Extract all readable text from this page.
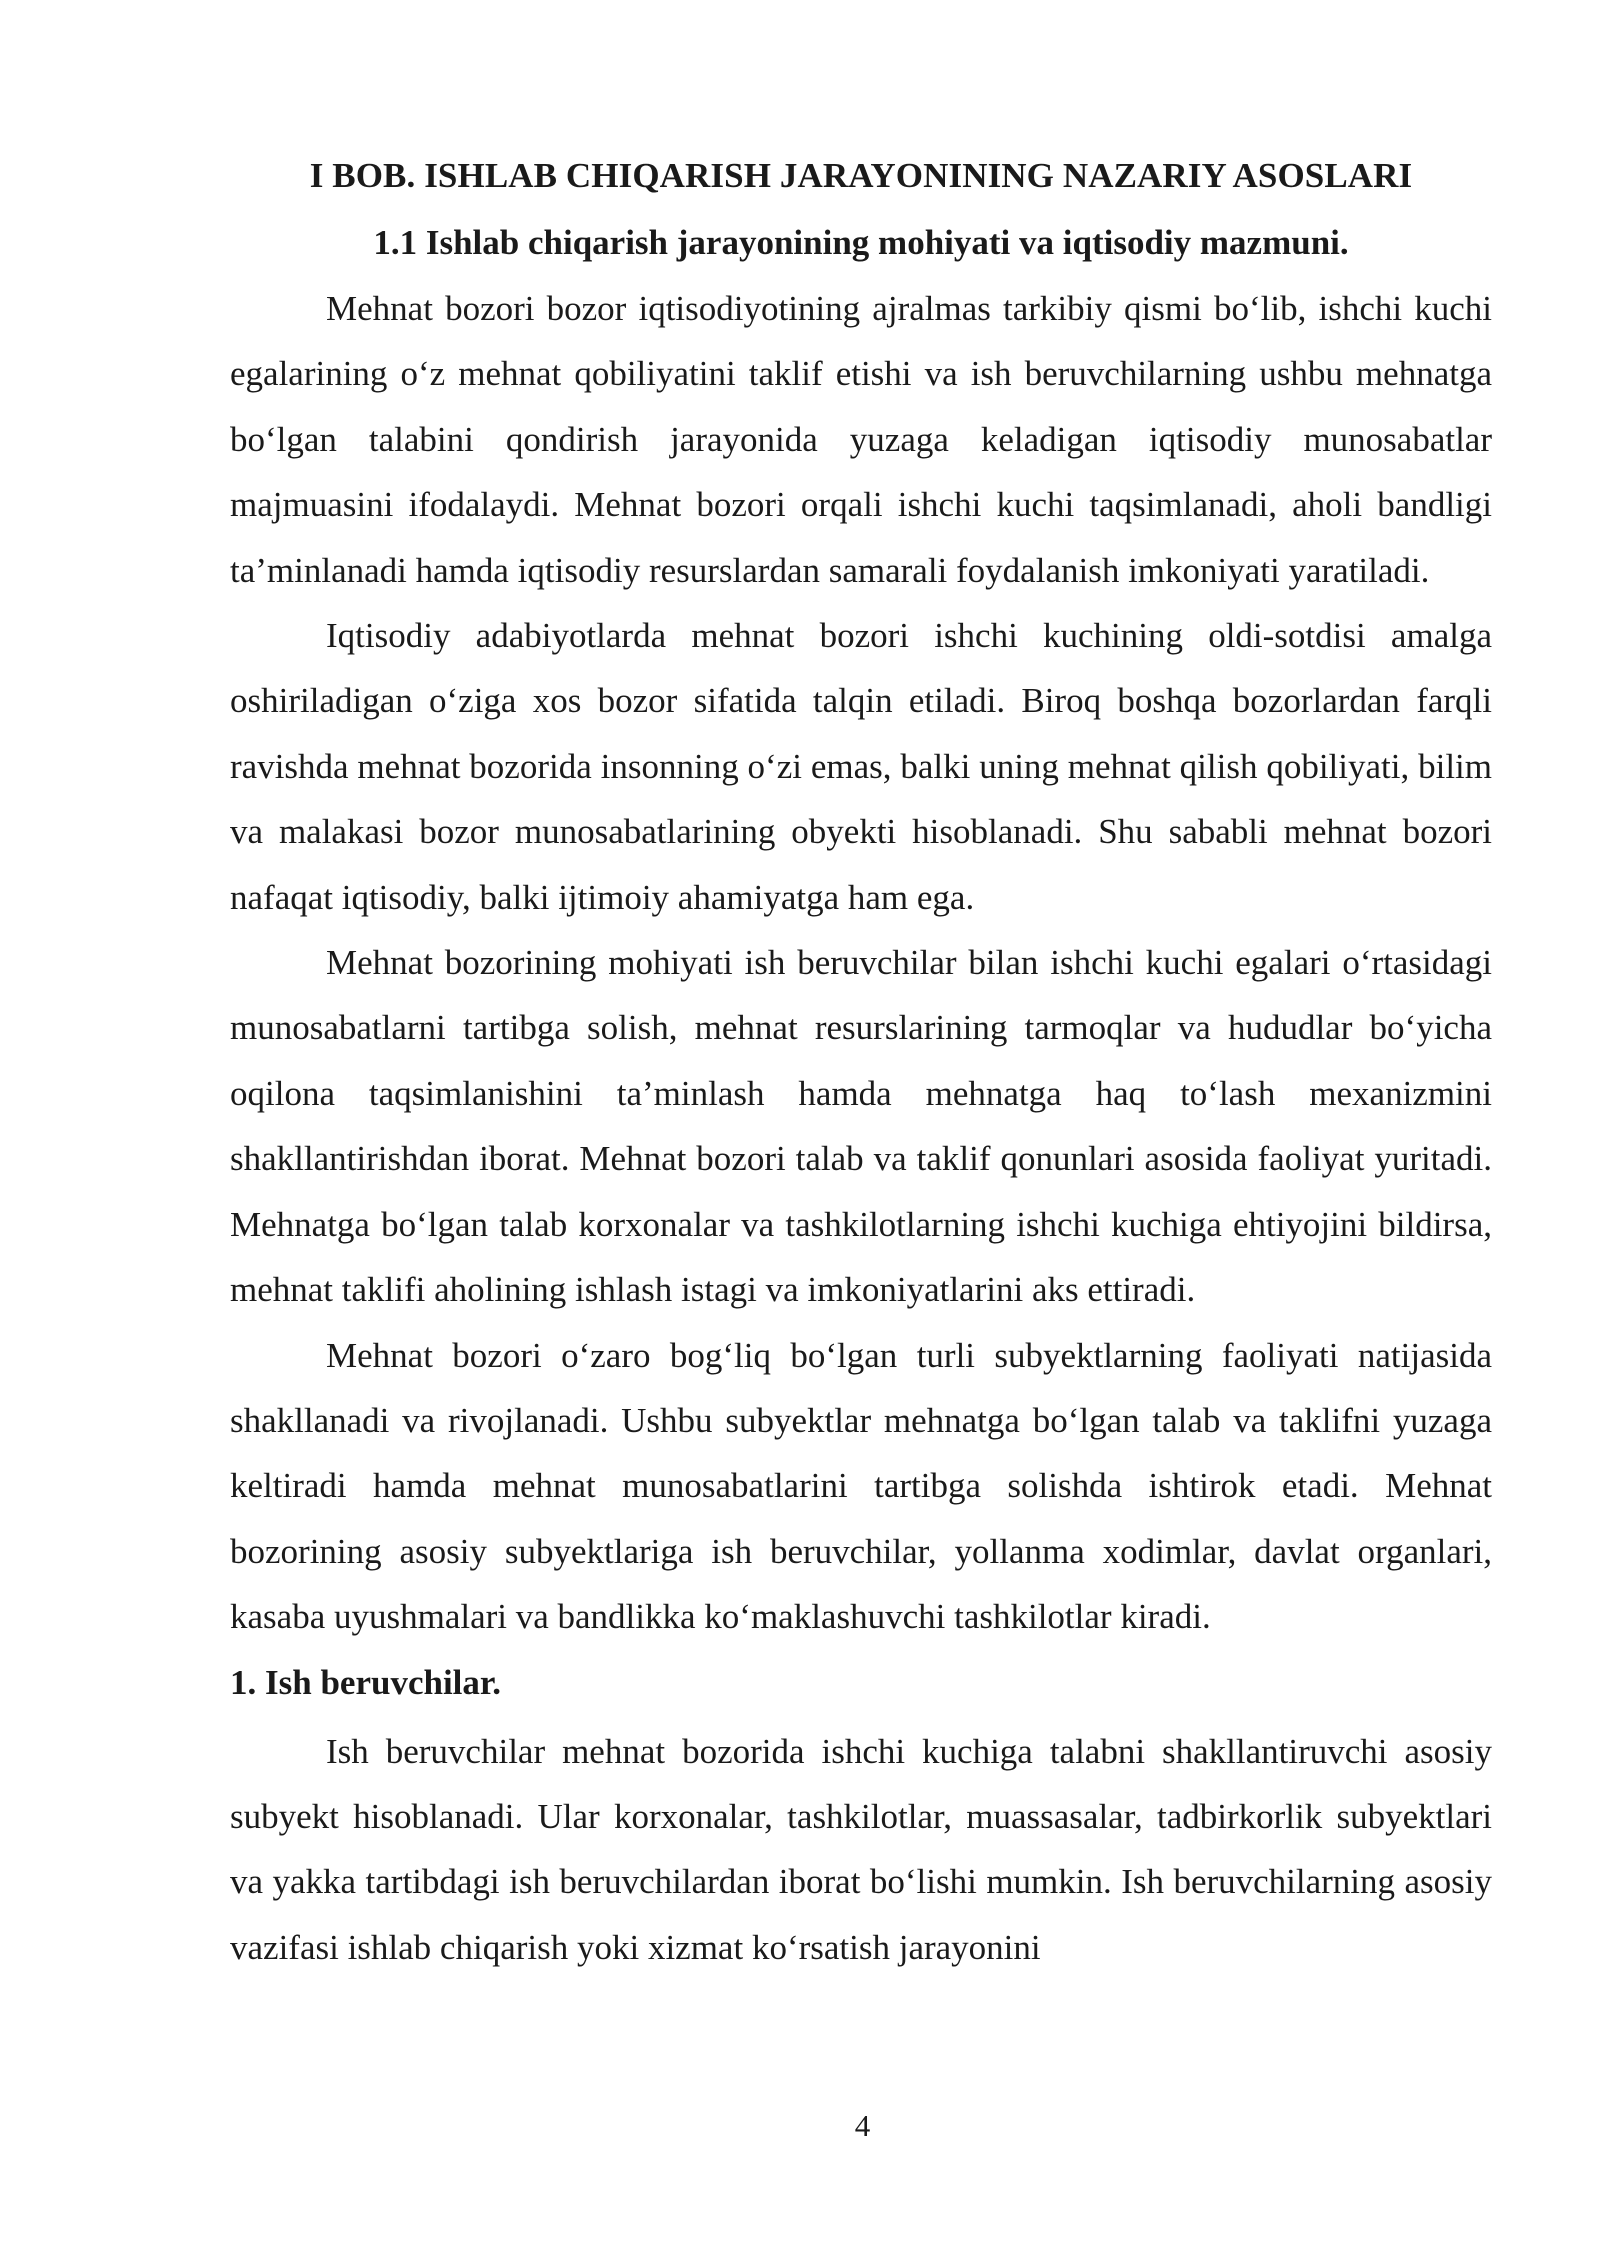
I BOB. ISHLAB CHIQARISH JARAYONINING NAZARIY ASOSLARI
1.1 Ishlab chiqarish jarayonining mohiyati va iqtisodiy mazmuni.

Mehnat bozori bozor iqtisodiyotining ajralmas tarkibiy qismi bo‘lib, ishchi kuchi egalarining o‘z mehnat qobiliyatini taklif etishi va ish beruvchilarning ushbu mehnatga bo‘lgan talabini qondirish jarayonida yuzaga keladigan iqtisodiy munosabatlar majmuasini ifodalaydi. Mehnat bozori orqali ishchi kuchi taqsimlanadi, aholi bandligi ta’minlanadi hamda iqtisodiy resurslardan samarali foydalanish imkoniyati yaratiladi.

Iqtisodiy adabiyotlarda mehnat bozori ishchi kuchining oldi-sotdisi amalga oshiriladigan o‘ziga xos bozor sifatida talqin etiladi. Biroq boshqa bozorlardan farqli ravishda mehnat bozorida insonning o‘zi emas, balki uning mehnat qilish qobiliyati, bilim va malakasi bozor munosabatlarining obyekti hisoblanadi. Shu sababli mehnat bozori nafaqat iqtisodiy, balki ijtimoiy ahamiyatga ham ega.

Mehnat bozorining mohiyati ish beruvchilar bilan ishchi kuchi egalari o‘rtasidagi munosabatlarni tartibga solish, mehnat resurslarining tarmoqlar va hududlar bo‘yicha oqilona taqsimlanishini ta’minlash hamda mehnatga haq to‘lash mexanizmini shakllantirishdan iborat. Mehnat bozori talab va taklif qonunlari asosida faoliyat yuritadi. Mehnatga bo‘lgan talab korxonalar va tashkilotlarning ishchi kuchiga ehtiyojini bildirsa, mehnat taklifi aholining ishlash istagi va imkoniyatlarini aks ettiradi.

Mehnat bozori o‘zaro bog‘liq bo‘lgan turli subyektlarning faoliyati natijasida shakllanadi va rivojlanadi. Ushbu subyektlar mehnatga bo‘lgan talab va taklifni yuzaga keltiradi hamda mehnat munosabatlarini tartibga solishda ishtirok etadi. Mehnat bozorining asosiy subyektlariga ish beruvchilar, yollanma xodimlar, davlat organlari, kasaba uyushmalari va bandlikka ko‘maklashuvchi tashkilotlar kiradi.

1. Ish beruvchilar.

Ish beruvchilar mehnat bozorida ishchi kuchiga talabni shakllantiruvchi asosiy subyekt hisoblanadi. Ular korxonalar, tashkilotlar, muassasalar, tadbirkorlik subyektlari va yakka tartibdagi ish beruvchilardan iborat bo‘lishi mumkin. Ish beruvchilarning asosiy vazifasi ishlab chiqarish yoki xizmat ko‘rsatish jarayonini

4
